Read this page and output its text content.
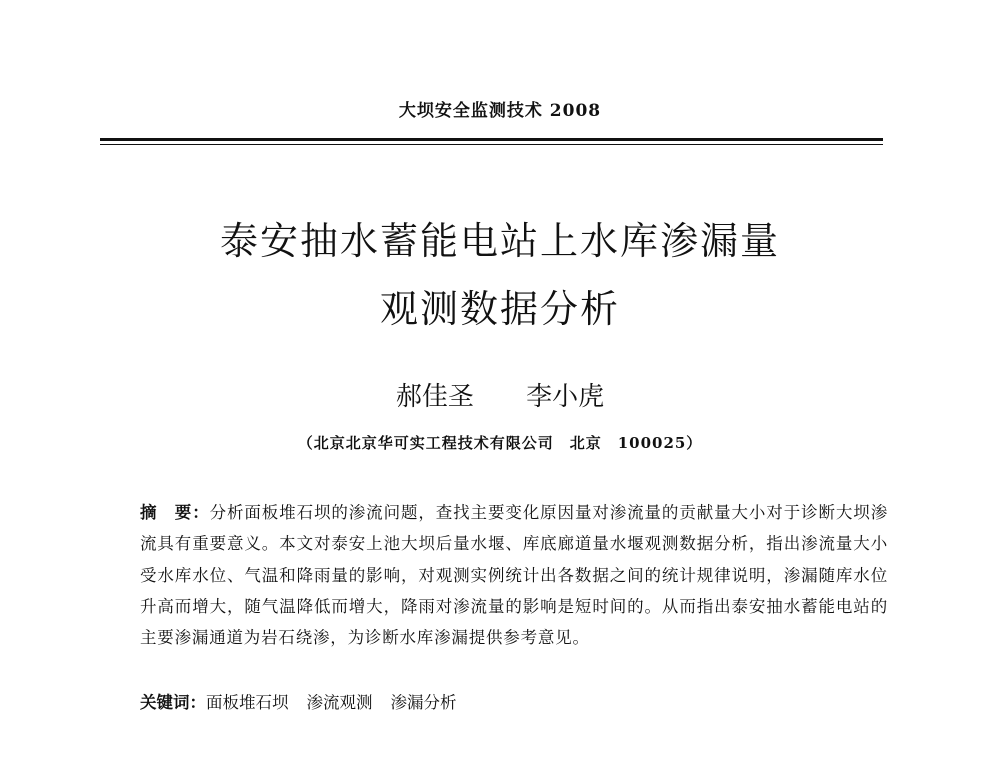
大坝安全监测技术 2008
泰安抽水蓄能电站上水库渗漏量
观测数据分析
郝佳圣 李小虎
（北京北京华可实工程技术有限公司　北京　100025）
摘　要：分析面板堆石坝的渗流问题，查找主要变化原因量对渗流量的贡献量大小对于诊断大坝渗流具有重要意义。本文对泰安上池大坝后量水堰、库底廊道量水堰观测数据分析，指出渗流量大小受水库水位、气温和降雨量的影响，对观测实例统计出各数据之间的统计规律说明，渗漏随库水位升高而增大，随气温降低而增大，降雨对渗流量的影响是短时间的。从而指出泰安抽水蓄能电站的主要渗漏通道为岩石绕渗，为诊断水库渗漏提供参考意见。
关键词：面板堆石坝 渗流观测 渗漏分析
